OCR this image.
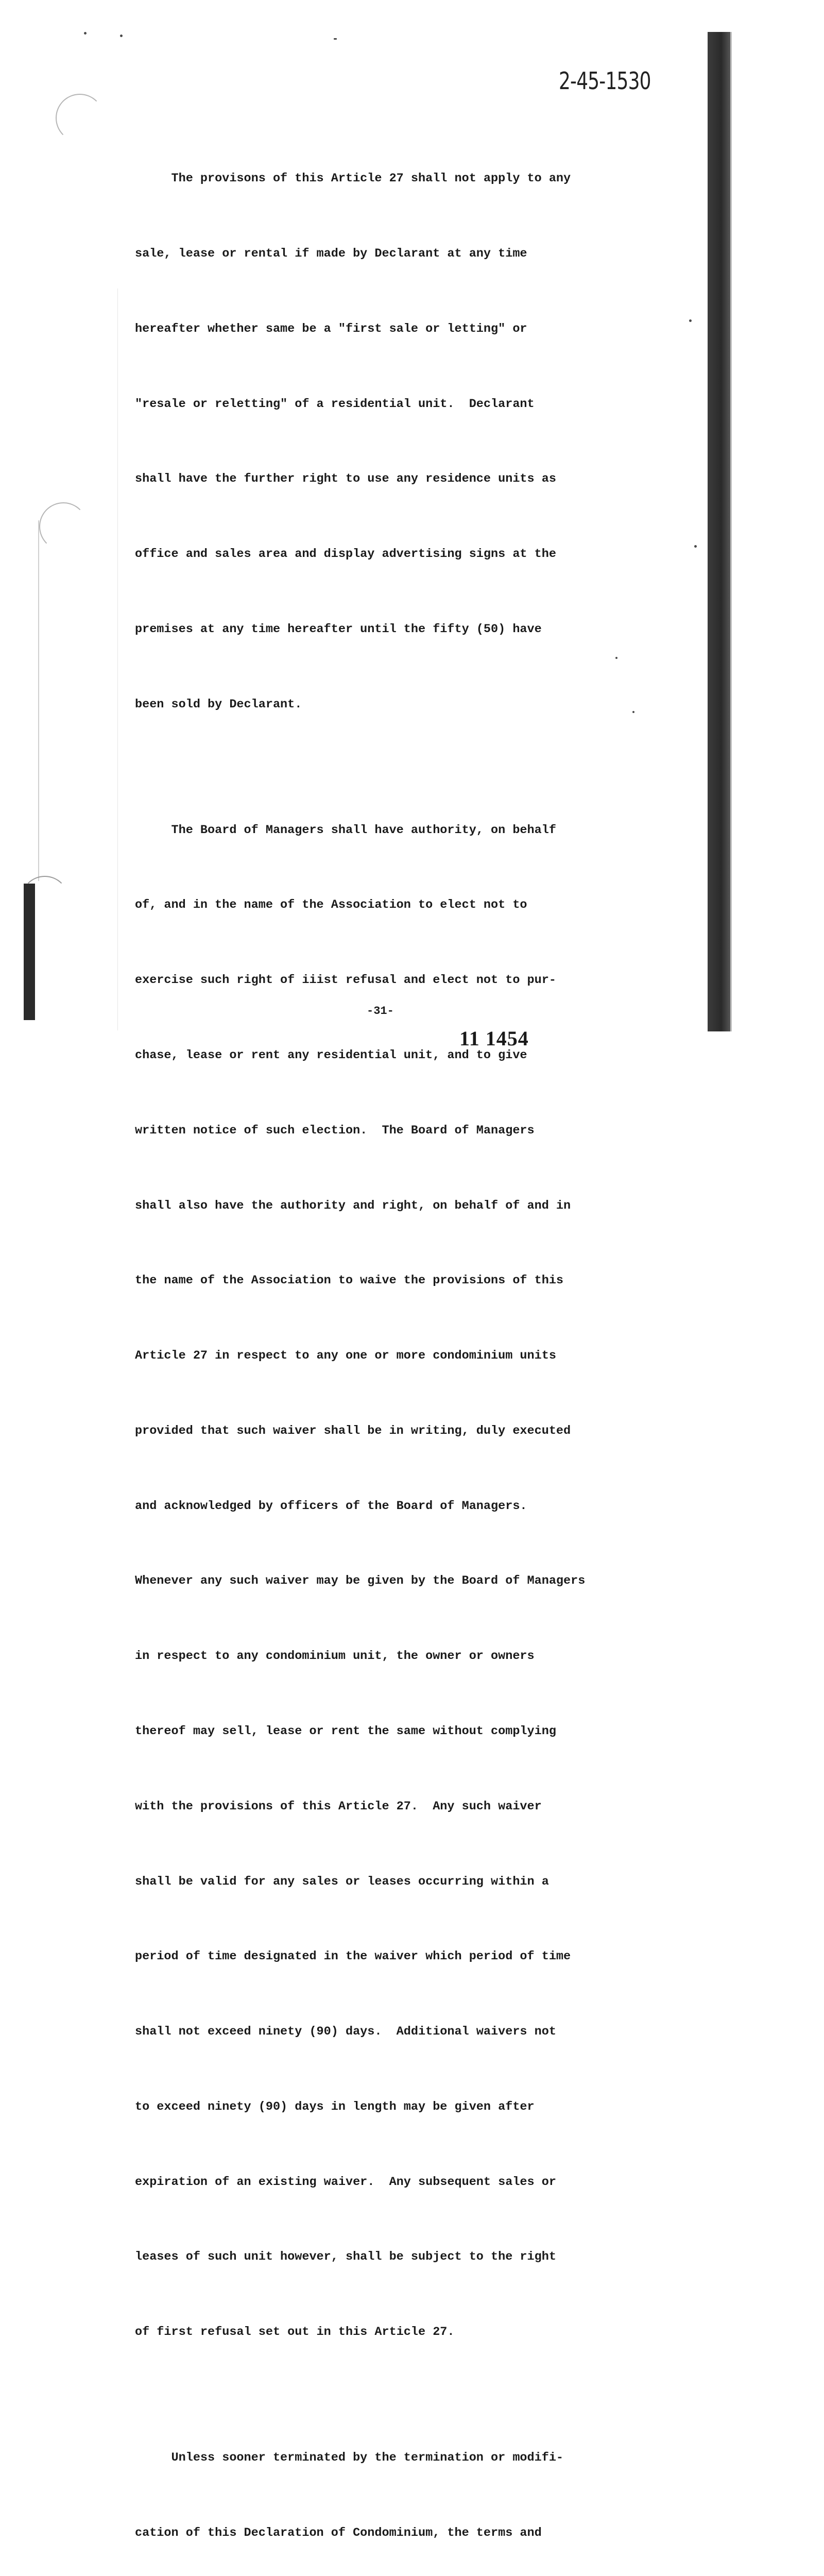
2-45-1530

The provisons of this Article 27 shall not apply to any

sale, lease or rental if made by Declarant at any time

hereafter whether same be a "first sale or letting" or

"resale or reletting" of a residential unit.  Declarant

shall have the further right to use any residence units as

office and sales area and display advertising signs at the

premises at any time hereafter until the fifty (50) have

been sold by Declarant.

The Board of Managers shall have authority, on behalf

of, and in the name of the Association to elect not to

exercise such right of iiist refusal and elect not to pur-

chase, lease or rent any residential unit, and to give

written notice of such election.  The Board of Managers

shall also have the authority and right, on behalf of and in

the name of the Association to waive the provisions of this

Article 27 in respect to any one or more condominium units

provided that such waiver shall be in writing, duly executed

and acknowledged by officers of the Board of Managers.

Whenever any such waiver may be given by the Board of Managers

in respect to any condominium unit, the owner or owners

thereof may sell, lease or rent the same without complying

with the provisions of this Article 27.  Any such waiver

shall be valid for any sales or leases occurring within a

period of time designated in the waiver which period of time

shall not exceed ninety (90) days.  Additional waivers not

to exceed ninety (90) days in length may be given after

expiration of an existing waiver.  Any subsequent sales or

leases of such unit however, shall be subject to the right

of first refusal set out in this Article 27.

Unless sooner terminated by the termination or modifi-

cation of this Declaration of Condominium, the terms and

-31-
11 1454
